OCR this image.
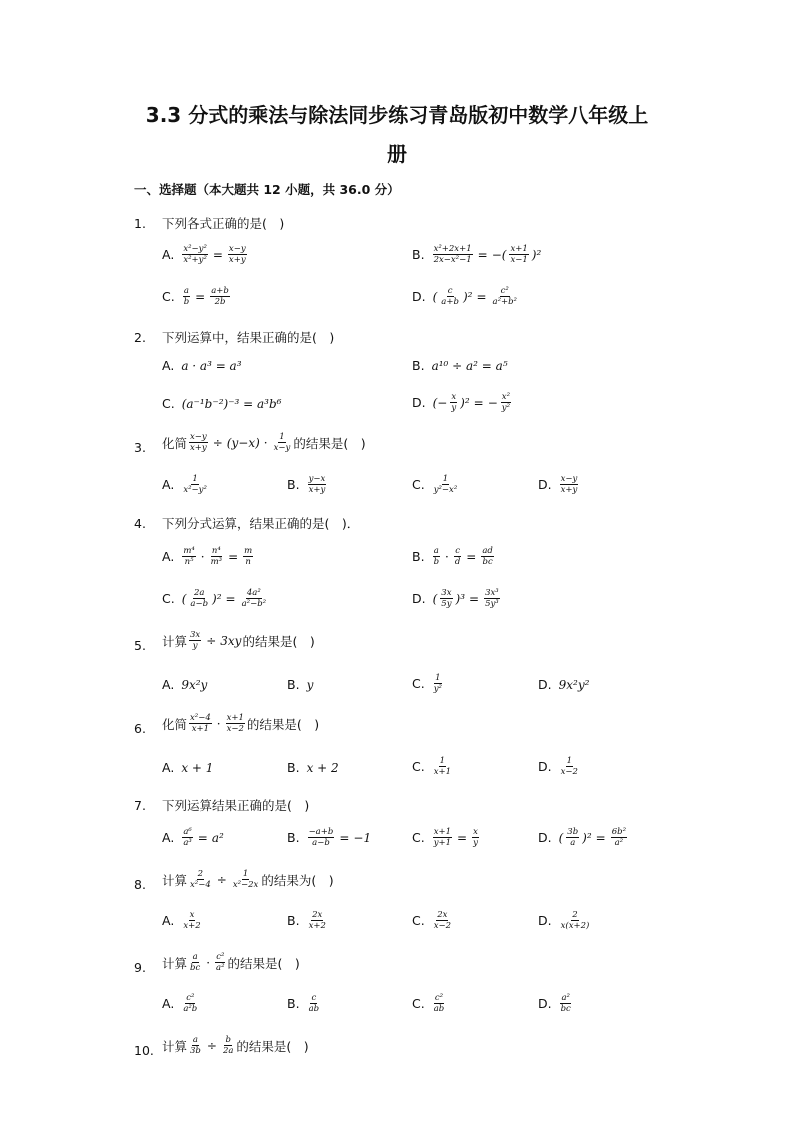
3.3 分式的乘法与除法同步练习青岛版初中数学八年级上
册
一、选择题（本大题共 12 小题，共 36.0 分）
1. 下列各式正确的是(　)
A. $\frac{\text{x²−y²}}{\text{x²+y²}} = \frac{x-y}{x+y}$	B. $\frac{\text{x²+2x+1}}{\text{2x−x²−1}}$ = −( $\frac{x+1}{x-1} )^2$
C. $\frac{a}{b} = \frac{a+b}{2b}$	D. ( $\frac{c}{a+b} )^2 = \frac{\text{c²}}{\text{a²+b²}}$
2. 下列运算中，结果正确的是(　)
A. a · a³ = a³	B. a¹⁰ ÷ a² = a⁵
C. (a⁻¹b⁻²)⁻³ = a³b⁶	D. (− $\frac{x}{y} )^2$ = − $\frac{\text{x²}}{\text{y²}}$
3. 化简 $\frac{x-y}{x+y} \div (y-x) \cdot \frac{1}{x-y}$ 的结果是(　)
A. $\frac{1}{\text{x²−y²}}$	B. $\frac{y-x}{x+y}$	C. $\frac{1}{\text{y²−x²}}$	D. $\frac{x-y}{x+y}$
4. 下列分式运算，结果正确的是(　)．
A. $\frac{\text{m⁴}}{\text{n⁵}} \cdot \frac{\text{n⁴}}{\text{m³}} = \frac{m}{n}$	B. $\frac{a}{b} \cdot \frac{c}{d} = \frac{ad}{bc}$
C. ( $\frac{2a}{a-b} )^2 = \frac{\text{4a²}}{\text{a²−b²}}$	D. ( $\frac{3x}{5y} )^3 = \frac{\text{3x³}}{\text{5y³}}$
5. 计算 $\frac{3x}{y} \div 3xy$ 的结果是(　)
A. 9x²y	B. y	C. $\frac{1}{\text{y²}}$	D. 9x²y²
6. 化简 $\frac{\text{x²−4}}{x+1} \cdot \frac{x+1}{x-2}$ 的结果是(　)
A. x + 1	B. x + 2	C. $\frac{1}{x+1}$	D. $\frac{1}{x-2}$
7. 下列运算结果正确的是(　)
A. $\frac{\text{a⁶}}{\text{a³}} = a^2$	B. $\frac{-a+b}{a-b} = -1$	C. $\frac{x+1}{y+1} = \frac{x}{y}$	D. ( $\frac{3b}{a} )^2 = \frac{\text{6b²}}{\text{a²}}$
8. 计算 $\frac{2}{\text{x²−4}} \div \frac{1}{\text{x²−2x}}$ 的结果为(　)
A. $\frac{x}{x+2}$	B. $\frac{2x}{x+2}$	C. $\frac{2x}{x-2}$	D. $\frac{2}{x(x+2)}$
9. 计算 $\frac{a}{bc} \cdot \frac{\text{c²}}{\text{a²}}$ 的结果是(　)
A. $\frac{\text{c²}}{\text{a²b}}$	B. $\frac{c}{ab}$	C. $\frac{\text{c²}}{ab}$	D. $\frac{\text{a²}}{bc}$
10. 计算 $\frac{a}{3b} \div \frac{b}{2a}$ 的结果是(　)
